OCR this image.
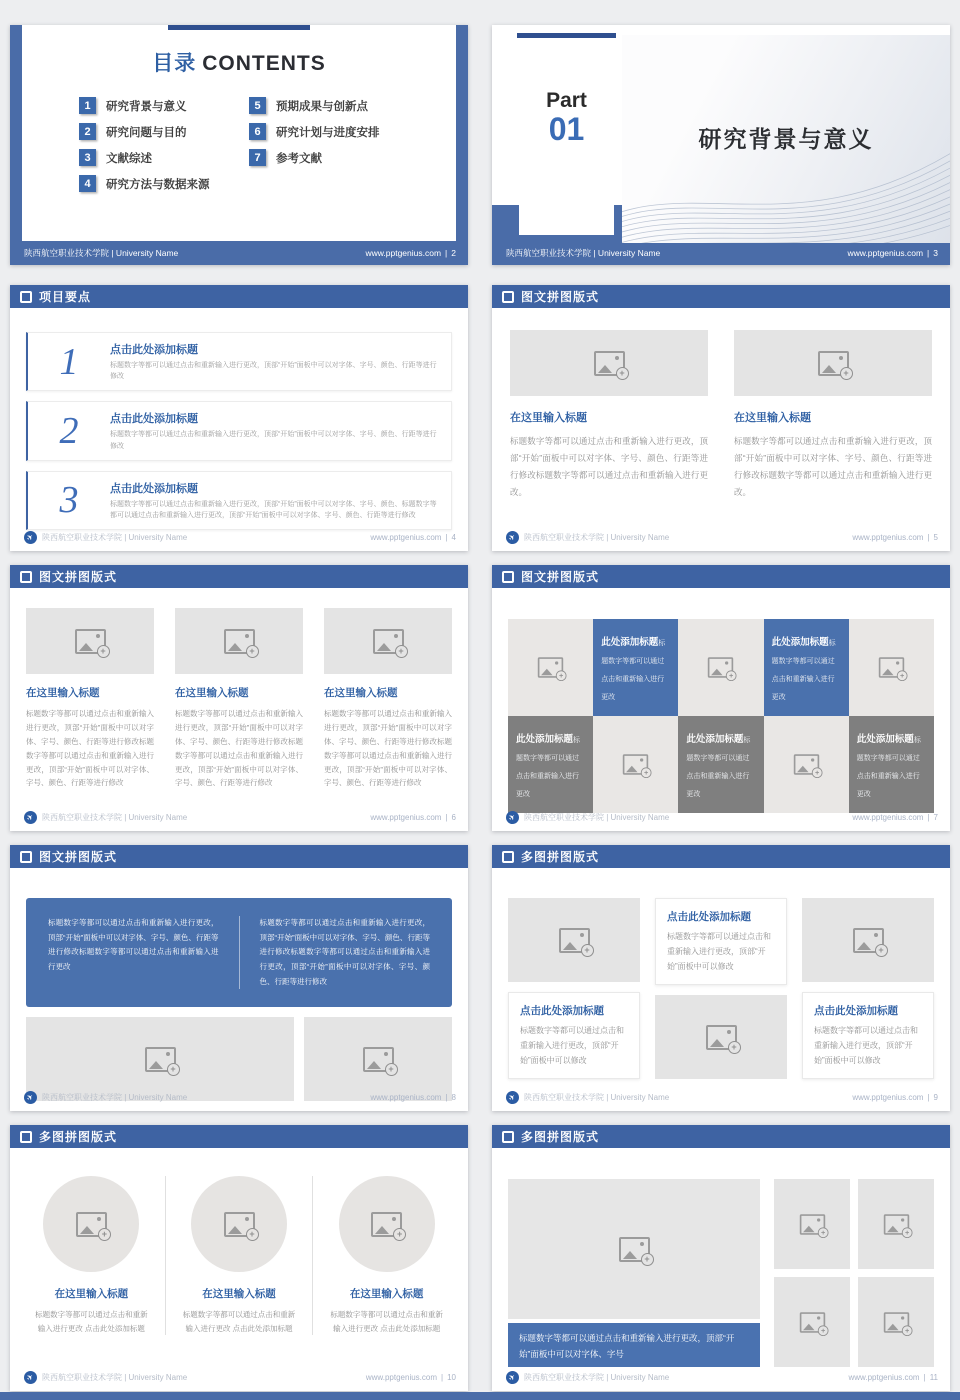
目录 CONTENTS
1	研究背景与意义
2	研究问题与目的
3	文献综述
4	研究方法与数据来源
5	预期成果与创新点
6	研究计划与进度安排
7	参考文献
陕西航空职业技术学院 | University Name	www.pptgenius.com | 2
研究背景与意义
Part
01
陕西航空职业技术学院 | University Name	www.pptgenius.com | 3
项目要点
1	点击此处添加标题
标题数字等都可以通过点击和重新输入进行更改，顶部“开始”面板中可以对字体、字号、颜色、行距等进行修改
2	点击此处添加标题
标题数字等都可以通过点击和重新输入进行更改，顶部“开始”面板中可以对字体、字号、颜色、行距等进行修改
3	点击此处添加标题
标题数字等都可以通过点击和重新输入进行更改，顶部“开始”面板中可以对字体、字号、颜色、标题数字等都可以通过点击和重新输入进行更改，顶部“开始”面板中可以对字体、字号、颜色、行距等进行修改
✈ 陕西航空职业技术学院 | University Name	www.pptgenius.com | 4
图文拼图版式
+
在这里输入标题
标题数字等都可以通过点击和重新输入进行更改，顶部“开始”面板中可以对字体、字号、颜色、行距等进行修改标题数字等都可以通过点击和重新输入进行更改。
+
在这里输入标题
标题数字等都可以通过点击和重新输入进行更改，顶部“开始”面板中可以对字体、字号、颜色、行距等进行修改标题数字等都可以通过点击和重新输入进行更改。
✈ 陕西航空职业技术学院 | University Name	www.pptgenius.com | 5
图文拼图版式
+
在这里输入标题
标题数字等都可以通过点击和重新输入进行更改，顶部“开始”面板中可以对字体、字号、颜色、行距等进行修改标题数字等都可以通过点击和重新输入进行更改，顶部“开始”面板中可以对字体、字号、颜色、行距等进行修改
+
在这里输入标题
标题数字等都可以通过点击和重新输入进行更改，顶部“开始”面板中可以对字体、字号、颜色、行距等进行修改标题数字等都可以通过点击和重新输入进行更改，顶部“开始”面板中可以对字体、字号、颜色、行距等进行修改
+
在这里输入标题
标题数字等都可以通过点击和重新输入进行更改，顶部“开始”面板中可以对字体、字号、颜色、行距等进行修改标题数字等都可以通过点击和重新输入进行更改，顶部“开始”面板中可以对字体、字号、颜色、行距等进行修改
✈ 陕西航空职业技术学院 | University Name	www.pptgenius.com | 6
图文拼图版式
+
此处添加标题标题数字等都可以通过点击和重新输入进行更改
+
此处添加标题标题数字等都可以通过点击和重新输入进行更改
+
此处添加标题标题数字等都可以通过点击和重新输入进行更改
+
此处添加标题标题数字等都可以通过点击和重新输入进行更改
+
此处添加标题标题数字等都可以通过点击和重新输入进行更改
✈ 陕西航空职业技术学院 | University Name	www.pptgenius.com | 7
图文拼图版式
标题数字等都可以通过点击和重新输入进行更改，顶部“开始”面板中可以对字体、字号、颜色、行距等进行修改标题数字等都可以通过点击和重新输入进行更改
标题数字等都可以通过点击和重新输入进行更改，顶部“开始”面板中可以对字体、字号、颜色、行距等进行修改标题数字等都可以通过点击和重新输入进行更改，顶部“开始”面板中可以对字体、字号、颜色、行距等进行修改
+	+
✈ 陕西航空职业技术学院 | University Name	www.pptgenius.com | 8
多图拼图版式
+
点击此处添加标题
标题数字等都可以通过点击和重新输入进行更改，顶部“开始”面板中可以修改
点击此处添加标题
标题数字等都可以通过点击和重新输入进行更改，顶部“开始”面板中可以修改
+
+
点击此处添加标题
标题数字等都可以通过点击和重新输入进行更改，顶部“开始”面板中可以修改
✈ 陕西航空职业技术学院 | University Name	www.pptgenius.com | 9
多图拼图版式
+
在这里输入标题
标题数字等都可以通过点击和重新输入进行更改 点击此处添加标题
+
在这里输入标题
标题数字等都可以通过点击和重新输入进行更改 点击此处添加标题
+
在这里输入标题
标题数字等都可以通过点击和重新输入进行更改 点击此处添加标题
✈ 陕西航空职业技术学院 | University Name	www.pptgenius.com | 10
多图拼图版式
+
标题数字等都可以通过点击和重新输入进行更改，顶部“开始”面板中可以对字体、字号
+	+
+	+
✈ 陕西航空职业技术学院 | University Name	www.pptgenius.com | 11
